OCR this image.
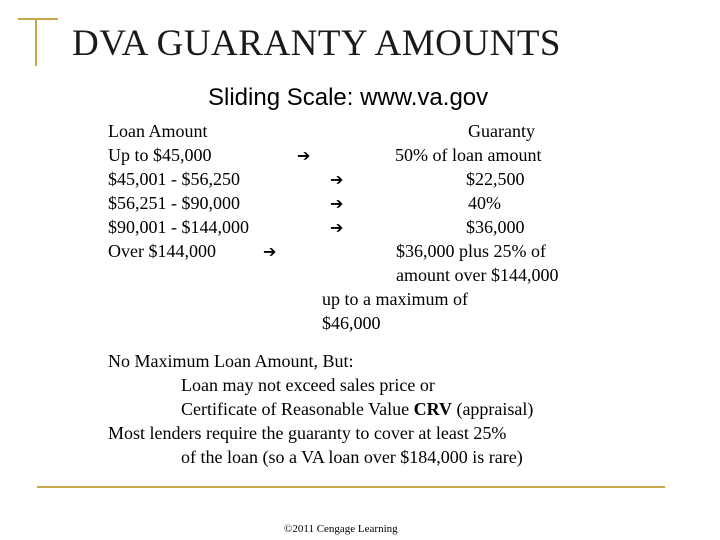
DVA GUARANTY AMOUNTS
Sliding Scale: www.va.gov
Loan Amount	Guaranty
Up to $45,000	➔	50% of loan amount
$45,001 - $56,250	➔	$22,500
$56,251 - $90,000	➔	40%
$90,001 - $144,000	➔	$36,000
Over $144,000	➔	$36,000 plus 25% of
amount over $144,000
up to a maximum of
$46,000
No Maximum Loan Amount, But:
Loan may not exceed sales price or
Certificate of Reasonable Value CRV (appraisal)
Most lenders require the guaranty to cover at least 25%
of the loan (so a VA loan over $184,000 is rare)
©2011 Cengage Learning
